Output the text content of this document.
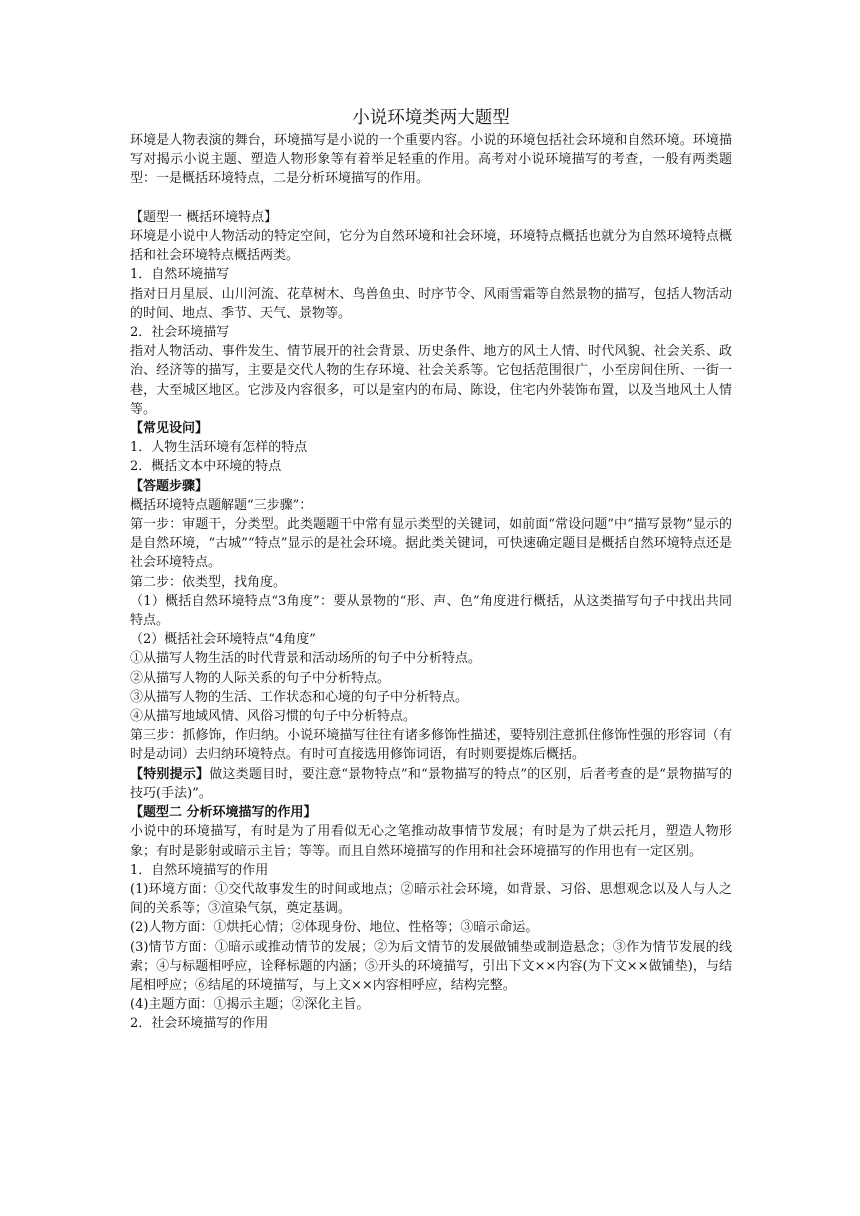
小说环境类两大题型

环境是人物表演的舞台，环境描写是小说的一个重要内容。小说的环境包括社会环境和自然环境。环境描写对揭示小说主题、塑造人物形象等有着举足轻重的作用。高考对小说环境描写的考查，一般有两类题型：一是概括环境特点，二是分析环境描写的作用。

【题型一 概括环境特点】

环境是小说中人物活动的特定空间，它分为自然环境和社会环境，环境特点概括也就分为自然环境特点概括和社会环境特点概括两类。

1．自然环境描写

指对日月星辰、山川河流、花草树木、鸟兽鱼虫、时序节令、风雨雪霜等自然景物的描写，包括人物活动的时间、地点、季节、天气、景物等。

2．社会环境描写

指对人物活动、事件发生、情节展开的社会背景、历史条件、地方的风土人情、时代风貌、社会关系、政治、经济等的描写，主要是交代人物的生存环境、社会关系等。它包括范围很广，小至房间住所、一街一巷，大至城区地区。它涉及内容很多，可以是室内的布局、陈设，住宅内外装饰布置，以及当地风土人情等。

【常见设问】

1．人物生活环境有怎样的特点

2．概括文本中环境的特点

【答题步骤】

概括环境特点题解题“三步骤”：

第一步：审题干，分类型。此类题题干中常有显示类型的关键词，如前面“常设问题”中“描写景物”显示的是自然环境，“古城”“特点”显示的是社会环境。据此类关键词，可快速确定题目是概括自然环境特点还是社会环境特点。

第二步：依类型，找角度。

（1）概括自然环境特点“3角度”：要从景物的“形、声、色”角度进行概括，从这类描写句子中找出共同特点。

（2）概括社会环境特点“4角度”

①从描写人物生活的时代背景和活动场所的句子中分析特点。

②从描写人物的人际关系的句子中分析特点。

③从描写人物的生活、工作状态和心境的句子中分析特点。

④从描写地域风情、风俗习惯的句子中分析特点。

第三步：抓修饰，作归纳。小说环境描写往往有诸多修饰性描述，要特别注意抓住修饰性强的形容词（有时是动词）去归纳环境特点。有时可直接选用修饰词语，有时则要提炼后概括。

【特别提示】做这类题目时，要注意“景物特点”和“景物描写的特点”的区别，后者考查的是“景物描写的技巧(手法)”。

【题型二 分析环境描写的作用】

小说中的环境描写，有时是为了用看似无心之笔推动故事情节发展；有时是为了烘云托月，塑造人物形象；有时是影射或暗示主旨；等等。而且自然环境描写的作用和社会环境描写的作用也有一定区别。

1．自然环境描写的作用

(1)环境方面：①交代故事发生的时间或地点；②暗示社会环境，如背景、习俗、思想观念以及人与人之间的关系等；③渲染气氛，奠定基调。

(2)人物方面：①烘托心情；②体现身份、地位、性格等；③暗示命运。

(3)情节方面：①暗示或推动情节的发展；②为后文情节的发展做铺垫或制造悬念；③作为情节发展的线索；④与标题相呼应，诠释标题的内涵；⑤开头的环境描写，引出下文××内容(为下文××做铺垫)，与结尾相呼应；⑥结尾的环境描写，与上文××内容相呼应，结构完整。

(4)主题方面：①揭示主题；②深化主旨。

2．社会环境描写的作用
